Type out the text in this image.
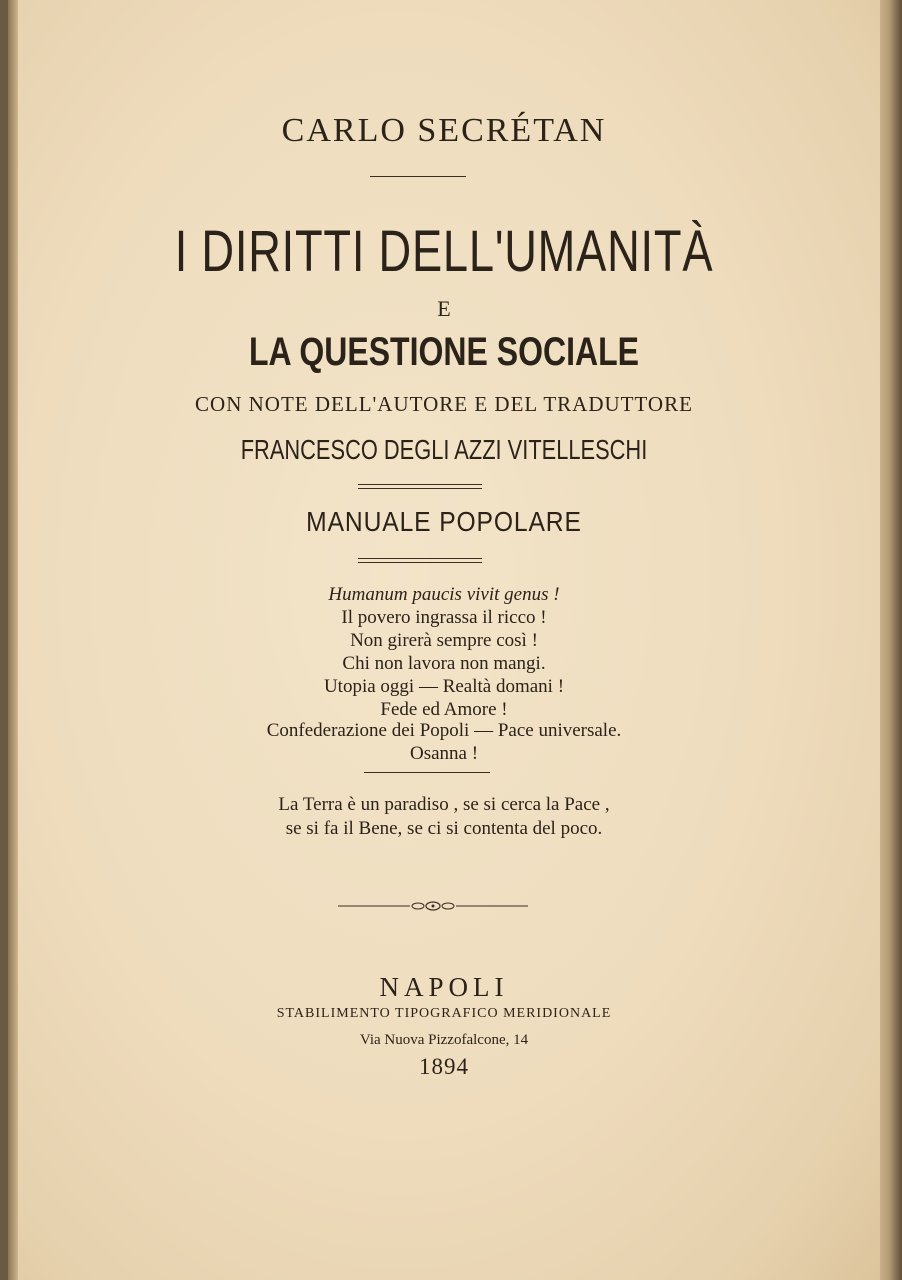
CARLO SECRÉTAN

I DIRITTI DELL'UMANITÀ

E

LA QUESTIONE SOCIALE

CON NOTE DELL'AUTORE E DEL TRADUTTORE

FRANCESCO DEGLI AZZI VITELLESCHI

MANUALE POPOLARE

Humanum paucis vivit genus !

Il povero ingrassa il ricco !

Non girerà sempre così !

Chi non lavora non mangi.

Utopia oggi — Realtà domani !

Fede ed Amore !

Confederazione dei Popoli — Pace universale.

Osanna !

La Terra è un paradiso , se si cerca la Pace ,

se si fa il Bene, se ci si contenta del poco.

NAPOLI

STABILIMENTO TIPOGRAFICO MERIDIONALE

Via Nuova Pizzofalcone, 14

1894
